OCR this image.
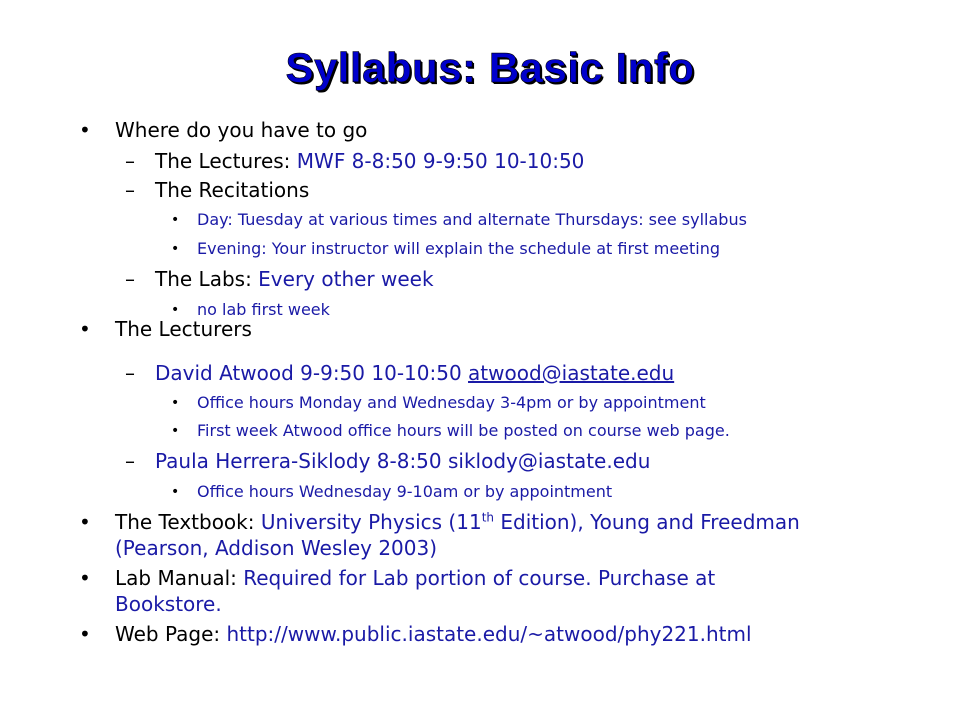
Syllabus: Basic Info
• Where do you have to go
– The Lectures: MWF 8-8:50 9-9:50 10-10:50
– The Recitations
• Day: Tuesday at various times and alternate Thursdays: see syllabus
• Evening: Your instructor will explain the schedule at first meeting
– The Labs: Every other week
• no lab first week
• The Lecturers
– David Atwood 9-9:50 10-10:50 atwood@iastate.edu
• Office hours Monday and Wednesday 3-4pm or by appointment
• First week Atwood office hours will be posted on course web page.
– Paula Herrera-Siklody 8-8:50 siklody@iastate.edu
• Office hours Wednesday 9-10am or by appointment
• The Textbook: University Physics (11th Edition), Young and Freedman
(Pearson, Addison Wesley 2003)
• Lab Manual: Required for Lab portion of course. Purchase at
Bookstore.
• Web Page: http://www.public.iastate.edu/~atwood/phy221.html
